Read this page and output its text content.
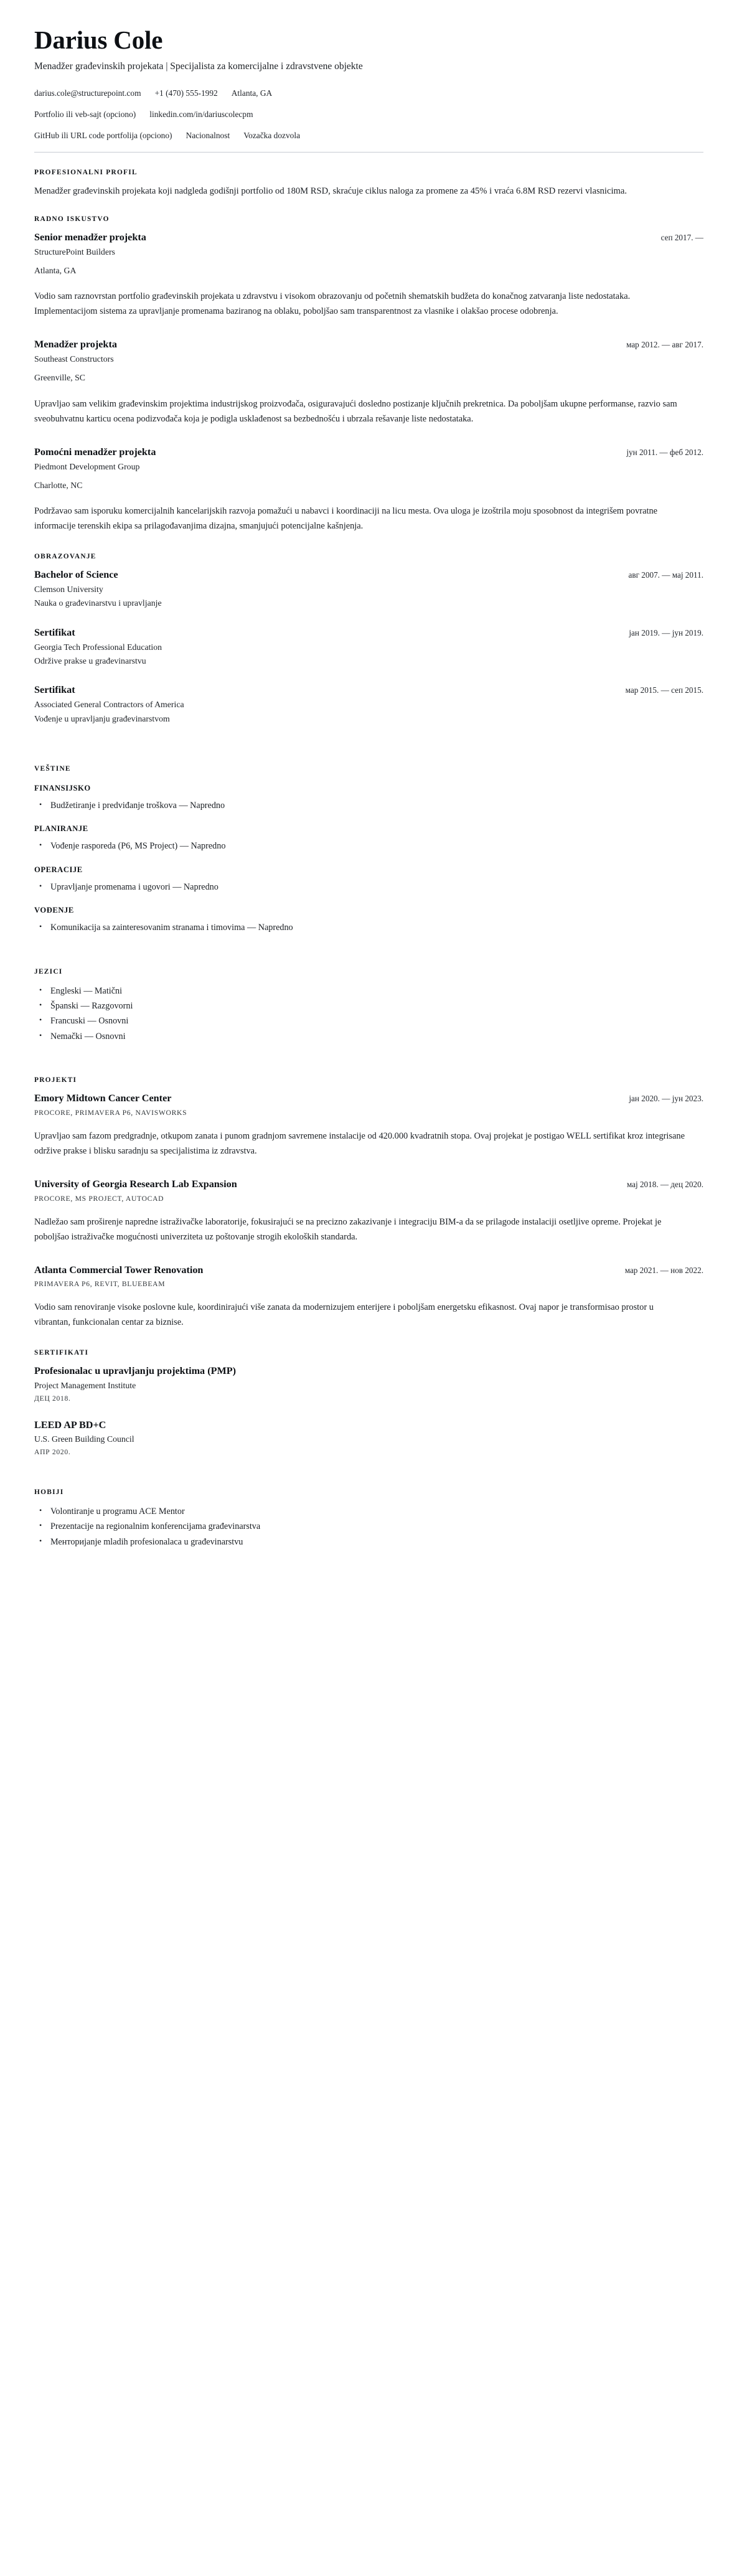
Darius Cole
Menadžer građevinskih projekata | Specijalista za komercijalne i zdravstvene objekte
darius.cole@structurepoint.com +1 (470) 555-1992 Atlanta, GA
Portfolio ili veb-sajt (opciono) linkedin.com/in/dariuscolecpm
GitHub ili URL code portfolija (opciono) Nacionalnost Vozačka dozvola
PROFESIONALNI PROFIL

Menadžer građevinskih projekata koji nadgleda godišnji portfolio od 180M RSD, skraćuje ciklus naloga za promene za 45% i vraća 6.8M RSD rezervi vlasnicima.

RADNO ISKUSTVO
Senior menadžer projekta	сеп 2017. —
StructurePoint Builders
Atlanta, GA

Vodio sam raznovrstan portfolio građevinskih projekata u zdravstvu i visokom obrazovanju od početnih shematskih budžeta do konačnog zatvaranja liste nedostataka. Implementacijom sistema za upravljanje promenama baziranog na oblaku, poboljšao sam transparentnost za vlasnike i olakšao procese odobrenja.

Menadžer projekta	мар 2012. — авг 2017.
Southeast Constructors
Greenville, SC

Upravljao sam velikim građevinskim projektima industrijskog proizvođača, osiguravajući dosledno postizanje ključnih prekretnica. Da poboljšam ukupne performanse, razvio sam sveobuhvatnu karticu ocena podizvođača koja je podigla usklađenost sa bezbednošću i ubrzala rešavanje liste nedostataka.

Pomoćni menadžer projekta	јун 2011. — феб 2012.
Piedmont Development Group
Charlotte, NC

Podržavao sam isporuku komercijalnih kancelarijskih razvoja pomažući u nabavci i koordinaciji na licu mesta. Ova uloga je izoštrila moju sposobnost da integrišem povratne informacije terenskih ekipa sa prilagođavanjima dizajna, smanjujući potencijalne kašnjenja.

OBRAZOVANJE
Bachelor of Science	авг 2007. — мај 2011.
Clemson University
Nauka o građevinarstvu i upravljanje
Sertifikat	јан 2019. — јун 2019.
Georgia Tech Professional Education
Održive prakse u građevinarstvu
Sertifikat	мар 2015. — сеп 2015.
Associated General Contractors of America
Vođenje u upravljanju građevinarstvom
VEŠTINE
FINANSIJSKO
• Budžetiranje i predviđanje troškova — Napredno
PLANIRANJE
• Vođenje rasporeda (P6, MS Project) — Napredno
OPERACIJE
• Upravljanje promenama i ugovori — Napredno
VOĐENJE
• Komunikacija sa zainteresovanim stranama i timovima — Napredno
JEZICI
• Engleski — Matični
• Španski — Razgovorni
• Francuski — Osnovni
• Nemački — Osnovni
PROJEKTI
Emory Midtown Cancer Center	јан 2020. — јун 2023.
PROCORE, PRIMAVERA P6, NAVISWORKS

Upravljao sam fazom predgradnje, otkupom zanata i punom gradnjom savremene instalacije od 420.000 kvadratnih stopa. Ovaj projekat je postigao WELL sertifikat kroz integrisane održive prakse i blisku saradnju sa specijalistima iz zdravstva.

University of Georgia Research Lab Expansion	мај 2018. — дец 2020.
PROCORE, MS PROJECT, AUTOCAD

Nadležao sam proširenje napredne istraživačke laboratorije, fokusirajući se na precizno zakazivanje i integraciju BIM-a da se prilagode instalaciji osetljive opreme. Projekat je poboljšao istraživačke mogućnosti univerziteta uz poštovanje strogih ekoloških standarda.

Atlanta Commercial Tower Renovation	мар 2021. — нов 2022.
PRIMAVERA P6, REVIT, BLUEBEAM

Vodio sam renoviranje visoke poslovne kule, koordinirajući više zanata da modernizujem enterijere i poboljšam energetsku efikasnost. Ovaj napor je transformisao prostor u vibrantan, funkcionalan centar za biznise.

SERTIFIKATI
Profesionalac u upravljanju projektima (PMP)
Project Management Institute
ДЕЦ 2018.
LEED AP BD+C
U.S. Green Building Council
АПР 2020.
HOBIJI
• Volontiranje u programu ACE Mentor
• Prezentacije na regionalnim konferencijama građevinarstva
• Менторијanje mladih profesionalaca u građevinarstvu
